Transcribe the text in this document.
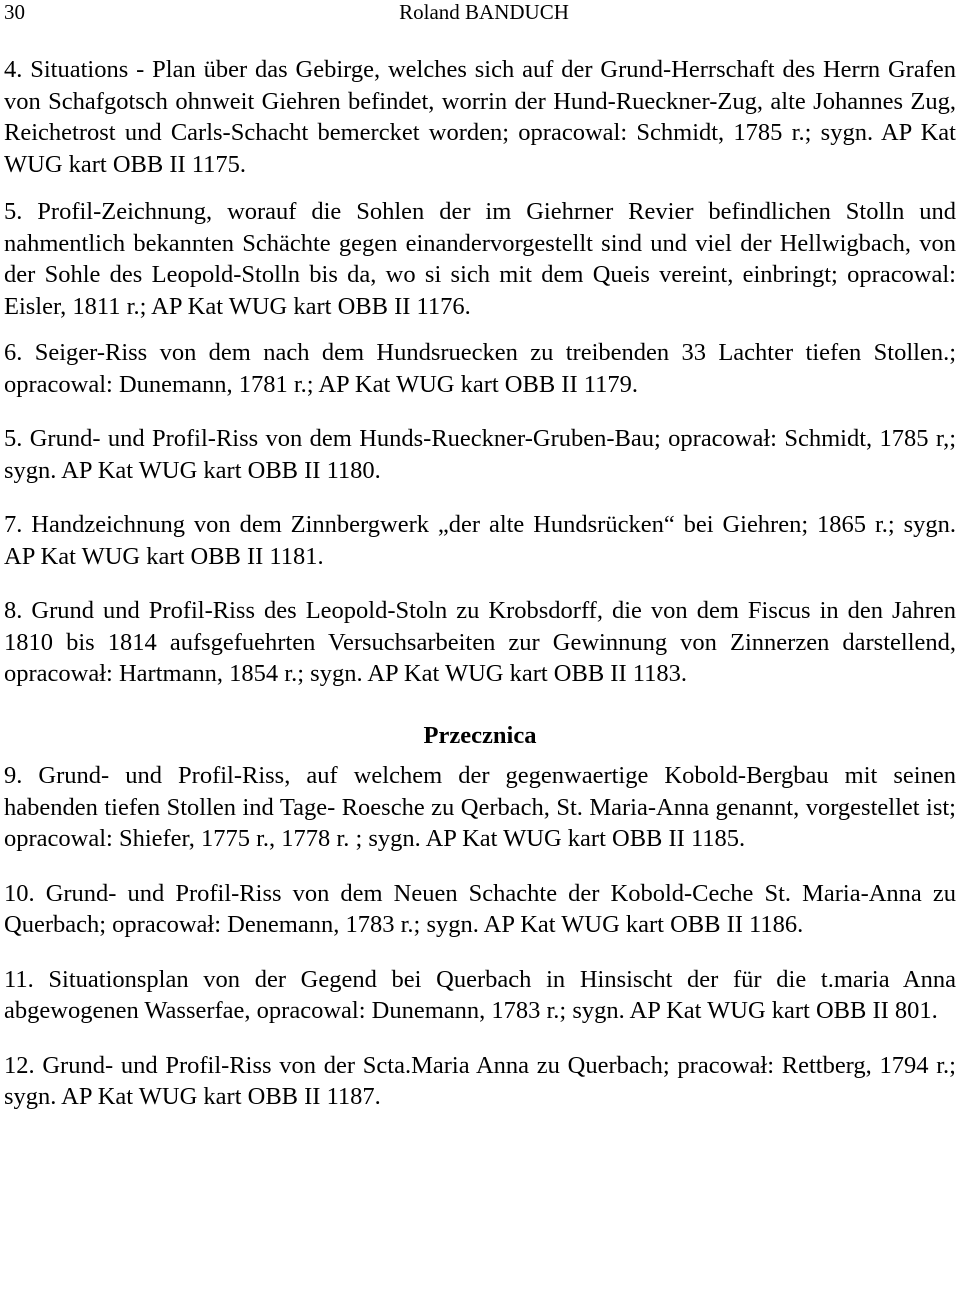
30	Roland BANDUCH

4. Situations - Plan über das Gebirge, welches sich auf der Grund-Herrschaft des Herrn Grafen von Schafgotsch ohnweit Giehren befindet, worrin der Hund-Rueckner-Zug, alte Johannes Zug, Reichetrost und Carls-Schacht bemercket worden; opracowal: Schmidt, 1785 r.; sygn. AP Kat WUG kart OBB II 1175.

5. Profil-Zeichnung, worauf die Sohlen der im Giehrner Revier befindlichen Stolln und nahmentlich bekannten Schächte gegen einandervorgestellt sind und viel der Hellwigbach, von der Sohle des Leopold-Stolln bis da, wo si sich mit dem Queis vereint, einbringt; opracowal: Eisler, 1811 r.; AP Kat WUG kart OBB II 1176.

6. Seiger-Riss von dem nach dem Hundsruecken zu treibenden 33 Lachter tiefen Stollen.; opracowal: Dunemann, 1781 r.; AP Kat WUG kart OBB II 1179.

5. Grund- und Profil-Riss von dem Hunds-Rueckner-Gruben-Bau; opracował: Schmidt, 1785 r,; sygn. AP Kat WUG kart OBB II 1180.

7. Handzeichnung von dem Zinnbergwerk „der alte Hundsrücken“ bei Giehren; 1865 r.; sygn. AP Kat WUG kart OBB II 1181.

8. Grund und Profil-Riss des Leopold-Stoln zu Krobsdorff, die von dem Fiscus in den Jahren 1810 bis 1814 aufsgefuehrten Versuchsarbeiten zur Gewinnung von Zinnerzen darstellend, opracował: Hartmann, 1854 r.; sygn. AP Kat WUG kart OBB II 1183.

Przecznica

9. Grund- und Profil-Riss, auf welchem der gegenwaertige Kobold-Bergbau mit seinen habenden tiefen Stollen ind Tage- Roesche zu Qerbach, St. Maria-Anna genannt, vorgestellet ist; opracowal: Shiefer, 1775 r., 1778 r. ; sygn. AP Kat WUG kart OBB II 1185.

10. Grund- und Profil-Riss von dem Neuen Schachte der Kobold-Ceche St. Maria-Anna zu Querbach; opracował: Denemann, 1783 r.; sygn. AP Kat WUG kart OBB II 1186.

11. Situationsplan von der Gegend bei Querbach in Hinsischt der für die t.maria Anna abgewogenen Wasserfae, opracowal: Dunemann, 1783 r.; sygn. AP Kat WUG kart OBB II 801.

12. Grund- und Profil-Riss von der Scta.Maria Anna zu Querbach; pracował: Rettberg, 1794 r.; sygn. AP Kat WUG kart OBB II 1187.
